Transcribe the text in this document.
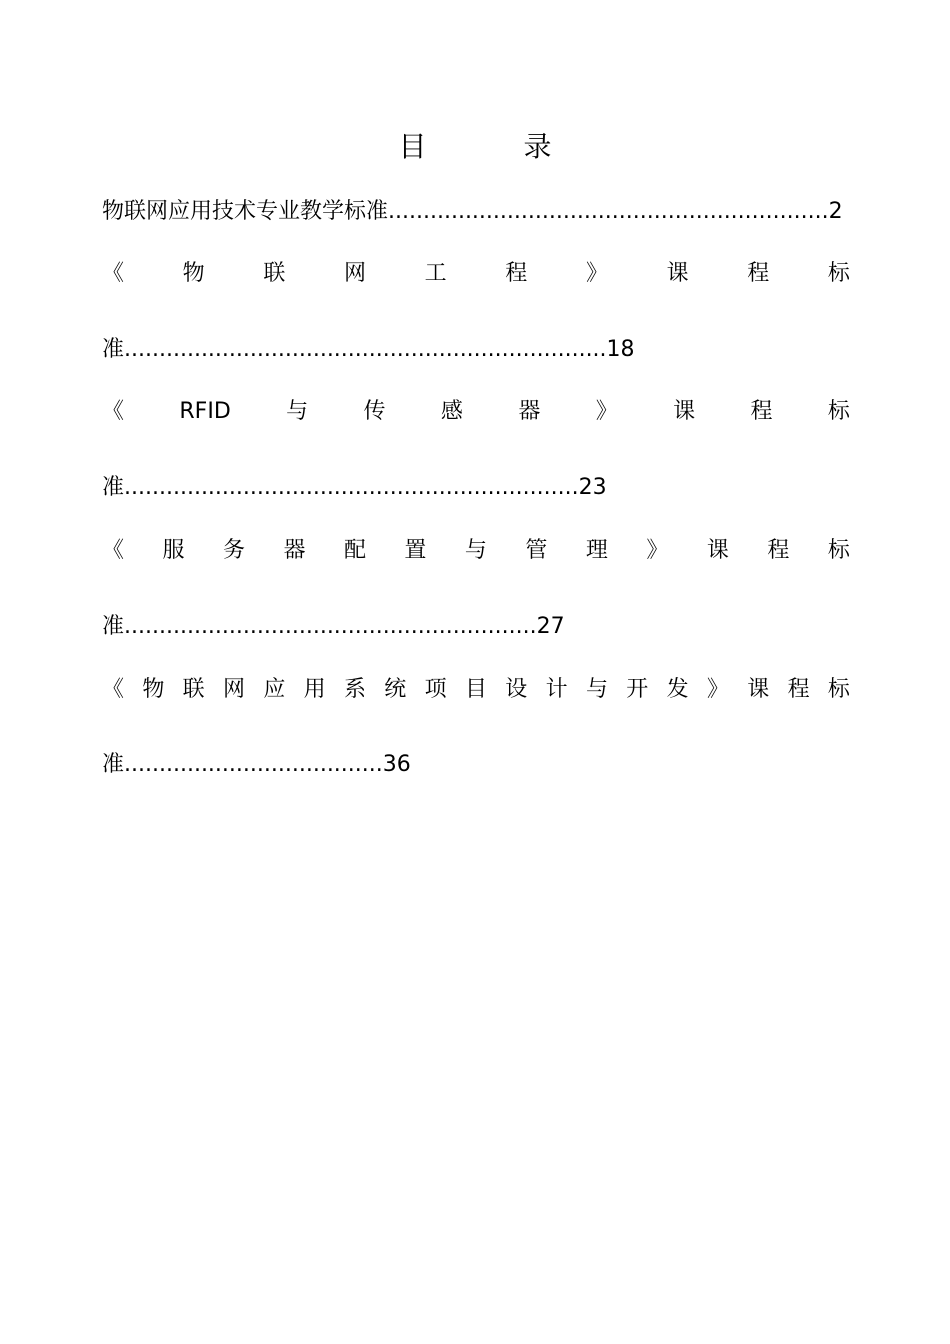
目 录
物联网应用技术专业教学标准...............................................................2
《	物	联	网	工	程	》	课	程	标
准.....................................................................18
《	RFID	与	传	感	器	》	课	程	标
准.................................................................23
《 服 务 器 配 置 与 管 理 》 课 程 标
准...........................................................27
《 物 联 网 应 用 系 统 项 目 设 计 与 开 发 》 课 程 标
准.....................................36
